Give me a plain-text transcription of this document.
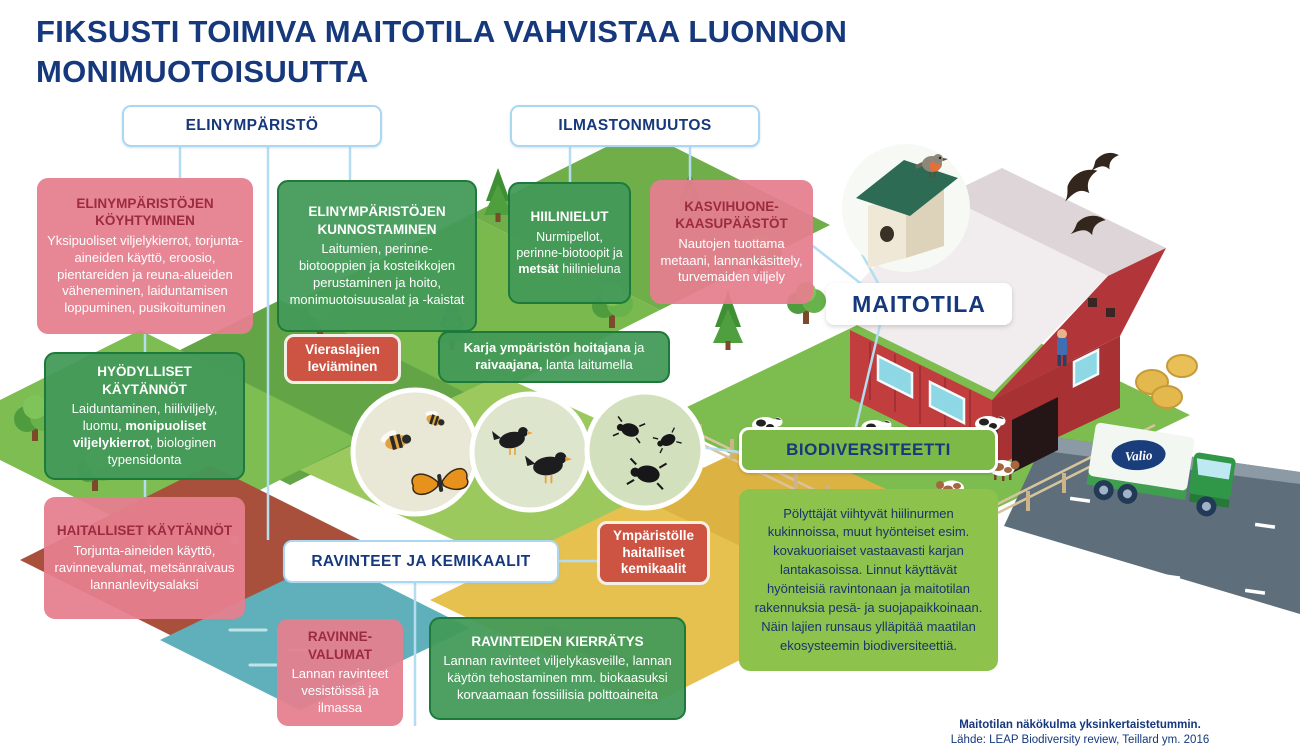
Valio
FIKSUSTI TOIMIVA MAITOTILA VAHVISTAA LUONNON
MONIMUOTOISUUTTA
ELINYMPÄRISTÖ	ILMASTONMUUTOS
ELINYMPÄRISTÖJEN KÖYHTYMINEN
Yksipuoliset viljelykierrot, torjunta-aineiden käyttö, eroosio, pientareiden ja reuna-alueiden väheneminen, laiduntamisen loppuminen, pusikoituminen
ELINYMPÄRISTÖJEN KUNNOSTAMINEN
Laitumien, perinne-biotooppien ja kosteikkojen perustaminen ja hoito, monimuotoisuusalat ja -kaistat
HIILINIELUT
Nurmipellot, perinne-biotoopit ja metsät hiilinieluna
KASVIHUONE-KAASUPÄÄSTÖT
Nautojen tuottama metaani, lannankäsittely, turvemaiden viljely
Vieraslajien leviäminen
Karja ympäristön hoitajana ja raivaajana, lanta laitumella
HYÖDYLLISET KÄYTÄNNÖT
Laiduntaminen, hiiliviljely, luomu, monipuoliset viljelykierrot, biologinen typensidonta
HAITALLISET KÄYTÄNNÖT
Torjunta-aineiden käyttö, ravinnevalumat, metsänraivaus lannanlevitysalaksi
MAITOTILA
BIODIVERSITEETTI
Pölyttäjät viihtyvät hiilinurmen kukinnoissa, muut hyönteiset esim. kovakuoriaiset vastaavasti karjan lantakasoissa. Linnut käyttävät hyönteisiä ravintonaan ja maitotilan rakennuksia pesä- ja suojapaikkoinaan. Näin lajien runsaus ylläpitää maatilan ekosysteemin biodiversiteettiä.
RAVINTEET JA KEMIKAALIT
Ympäristölle haitalliset kemikaalit
RAVINNE-VALUMAT
Lannan ravinteet vesistöissä ja ilmassa
RAVINTEIDEN KIERRÄTYS
Lannan ravinteet viljelykasveille, lannan käytön tehostaminen mm. biokaasuksi korvaamaan fossiilisia polttoaineita
Maitotilan näkökulma yksinkertaistetummin.
Lähde: LEAP Biodiversity review, Teillard ym. 2016
